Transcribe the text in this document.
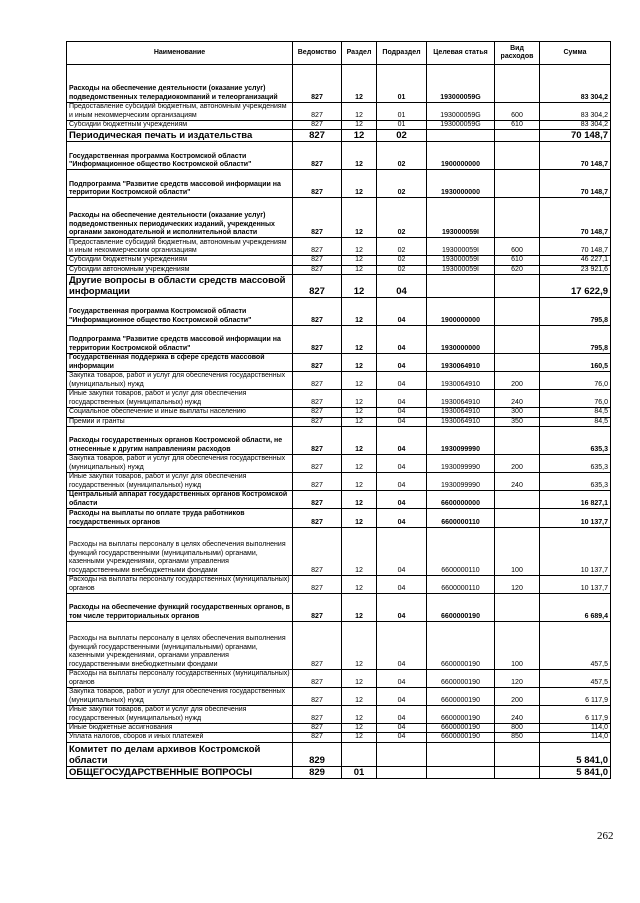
Наименование	Ведомство	Раздел	Подраздел	Целевая статья	Вид расходов	Сумма
Расходы на обеспечение деятельности (оказание услуг) подведомственных телерадиокомпаний и телеорганизаций	827	12	01	193000059G		83 304,2
Предоставление субсидий бюджетным, автономным учреждениям и иным некоммерческим организациям	827	12	01	193000059G	600	83 304,2
Субсидии бюджетным учреждениям	827	12	01	193000059G	610	83 304,2
Периодическая печать и издательства	827	12	02			70 148,7
Государственная программа Костромской области "Информационное общество Костромской области"	827	12	02	1900000000		70 148,7
Подпрограмма "Развитие средств массовой информации на территории Костромской области"	827	12	02	1930000000		70 148,7
Расходы на обеспечение деятельности (оказание услуг) подведомственных периодических изданий, учрежденных органами законодательной и исполнительной власти	827	12	02	193000059I		70 148,7
Предоставление субсидий бюджетным, автономным учреждениям и иным некоммерческим организациям	827	12	02	193000059I	600	70 148,7
Субсидии бюджетным учреждениям	827	12	02	193000059I	610	46 227,1
Субсидии автономным учреждениям	827	12	02	193000059I	620	23 921,6
Другие вопросы в области средств массовой информации	827	12	04			17 622,9
Государственная программа Костромской области "Информационное общество Костромской области"	827	12	04	1900000000		795,8
Подпрограмма "Развитие средств массовой информации на территории Костромской области"	827	12	04	1930000000		795,8
Государственная поддержка в сфере средств массовой информации	827	12	04	1930064910		160,5
Закупка товаров, работ и услуг для обеспечения государственных (муниципальных) нужд	827	12	04	1930064910	200	76,0
Иные закупки товаров, работ и услуг для обеспечения государственных (муниципальных) нужд	827	12	04	1930064910	240	76,0
Социальное обеспечение и иные выплаты населению	827	12	04	1930064910	300	84,5
Премии и гранты	827	12	04	1930064910	350	84,5
Расходы государственных органов Костромской области, не отнесенные к другим направлениям расходов	827	12	04	1930099990		635,3
Закупка товаров, работ и услуг для обеспечения государственных (муниципальных) нужд	827	12	04	1930099990	200	635,3
Иные закупки товаров, работ и услуг для обеспечения государственных (муниципальных) нужд	827	12	04	1930099990	240	635,3
Центральный аппарат государственных органов Костромской области	827	12	04	6600000000		16 827,1
Расходы на выплаты по оплате труда работников государственных органов	827	12	04	6600000110		10 137,7
Расходы на выплаты персоналу в целях обеспечения выполнения функций государственными (муниципальными) органами, казенными учреждениями, органами управления государственными внебюджетными фондами	827	12	04	6600000110	100	10 137,7
Расходы на выплаты персоналу государственных (муниципальных) органов	827	12	04	6600000110	120	10 137,7
Расходы на обеспечение функций государственных органов, в том числе территориальных органов	827	12	04	6600000190		6 689,4
Расходы на выплаты персоналу в целях обеспечения выполнения функций государственными (муниципальными) органами, казенными учреждениями, органами управления государственными внебюджетными фондами	827	12	04	6600000190	100	457,5
Расходы на выплаты персоналу государственных (муниципальных) органов	827	12	04	6600000190	120	457,5
Закупка товаров, работ и услуг для обеспечения государственных (муниципальных) нужд	827	12	04	6600000190	200	6 117,9
Иные закупки товаров, работ и услуг для обеспечения государственных (муниципальных) нужд	827	12	04	6600000190	240	6 117,9
Иные бюджетные ассигнования	827	12	04	6600000190	800	114,0
Уплата налогов, сборов и иных платежей	827	12	04	6600000190	850	114,0
Комитет по делам архивов Костромской области	829					5 841,0
ОБЩЕГОСУДАРСТВЕННЫЕ ВОПРОСЫ	829	01				5 841,0
262
